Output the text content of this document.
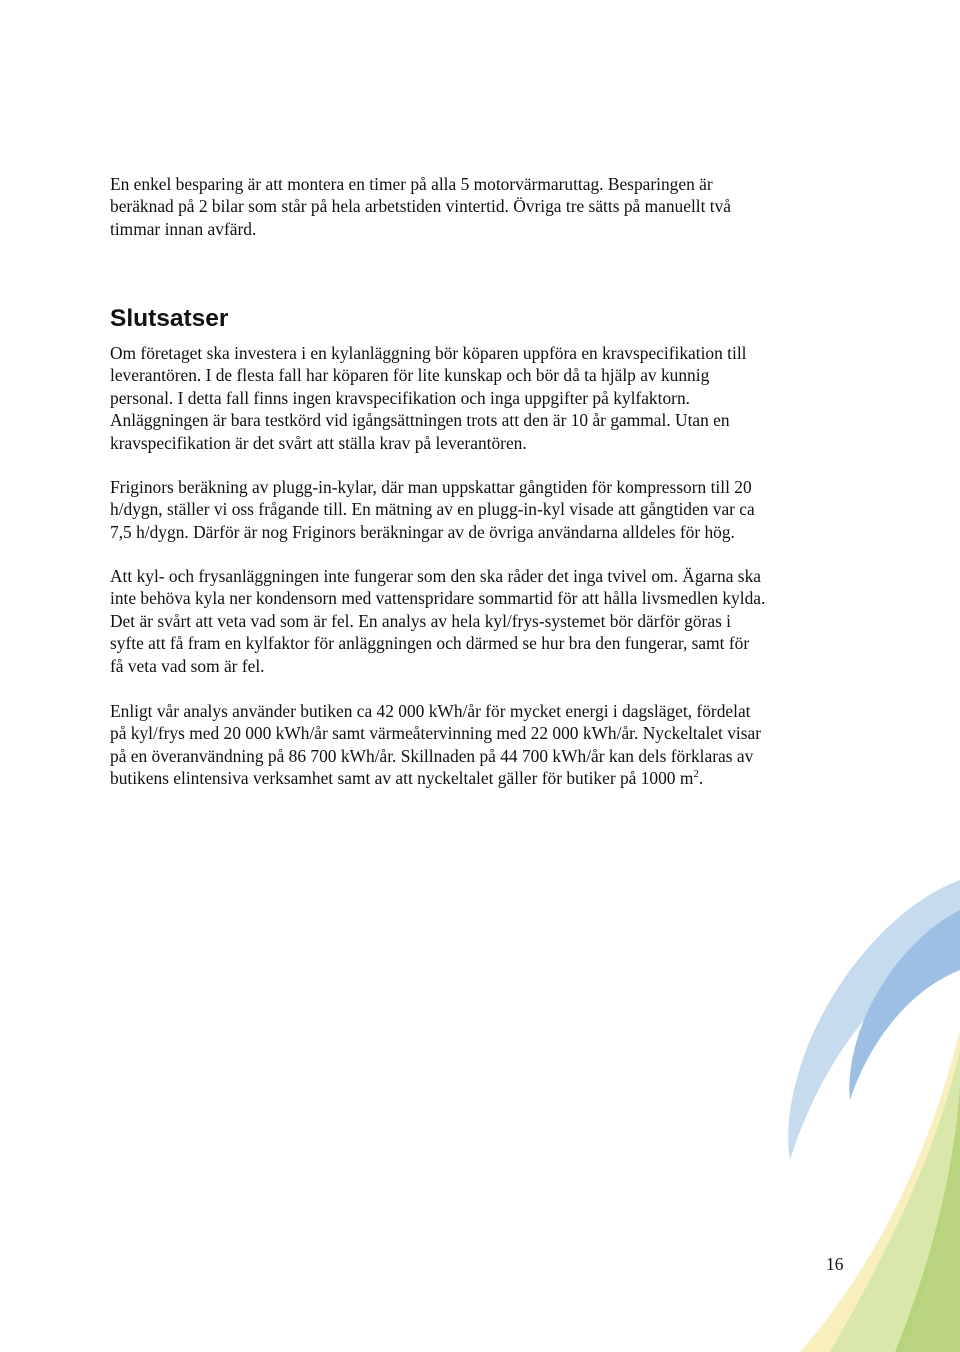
En enkel besparing är att montera en timer på alla 5 motorvärmaruttag. Besparingen är
beräknad på 2 bilar som står på hela arbetstiden vintertid. Övriga tre sätts på manuellt två
timmar innan avfärd.

Slutsatser

Om företaget ska investera i en kylanläggning bör köparen uppföra en kravspecifikation till
leverantören. I de flesta fall har köparen för lite kunskap och bör då ta hjälp av kunnig
personal. I detta fall finns ingen kravspecifikation och inga uppgifter på kylfaktorn.
Anläggningen är bara testkörd vid igångsättningen trots att den är 10 år gammal. Utan en
kravspecifikation är det svårt att ställa krav på leverantören.

Friginors beräkning av plugg-in-kylar, där man uppskattar gångtiden för kompressorn till 20
h/dygn, ställer vi oss frågande till. En mätning av en plugg-in-kyl visade att gångtiden var ca
7,5 h/dygn. Därför är nog Friginors beräkningar av de övriga användarna alldeles för hög.

Att kyl- och frysanläggningen inte fungerar som den ska råder det inga tvivel om. Ägarna ska
inte behöva kyla ner kondensorn med vattenspridare sommartid för att hålla livsmedlen kylda.
Det är svårt att veta vad som är fel. En analys av hela kyl/frys-systemet bör därför göras i
syfte att få fram en kylfaktor för anläggningen och därmed se hur bra den fungerar, samt för
få veta vad som är fel.

Enligt vår analys använder butiken ca 42 000 kWh/år för mycket energi i dagsläget, fördelat
på kyl/frys med 20 000 kWh/år samt värmeåtervinning med 22 000 kWh/år. Nyckeltalet visar
på en överanvändning på 86 700 kWh/år. Skillnaden på 44 700 kWh/år kan dels förklaras av
butikens elintensiva verksamhet samt av att nyckeltalet gäller för butiker på 1000 $m^2$.

16
